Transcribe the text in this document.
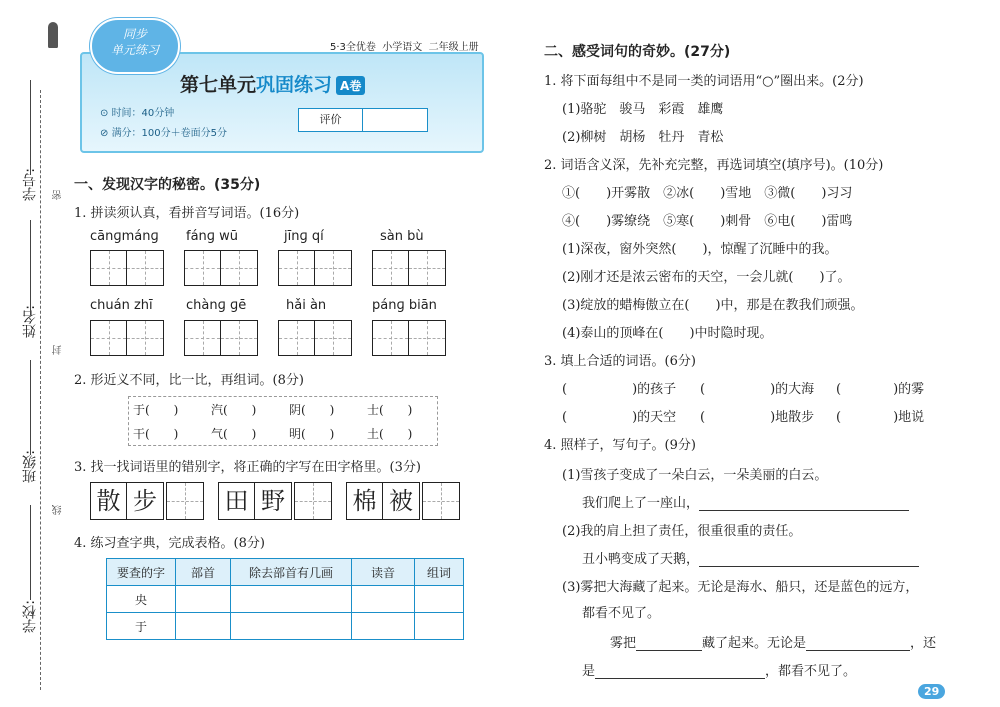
学号:
姓名:
班级:
学校:
密
封
线
同步
单元练习	5·3全优卷 小学语文 二年级上册
第七单元巩固练习 A卷
⊙ 时间：40分钟
⊘ 满分：100分＋卷面分5分
评价
一、发现汉字的秘密。(35分)
1. 拼读须认真，看拼音写词语。(16分)
cānɡmánɡ fánɡ wū	jīnɡ qí	sàn bù
chuán zhī	chànɡ ɡē	hǎi àn	pánɡ biān
2. 形近义不同，比一比，再组词。(8分)
于(　　)	汽(　　)	阴(　　)	士(　　)
干(　　)	气(　　)	明(　　)	土(　　)
3. 找一找词语里的错别字，将正确的字写在田字格里。(3分)
散 步	田 野	棉 被
4. 练习查字典，完成表格。(8分)
要查的字	部首	除去部首有几画	读音	组词
央				
于				
二、感受词句的奇妙。(27分)
1. 将下面每组中不是同一类的词语用“○”圈出来。(2分)
(1)骆驼　骏马　彩霞　雄鹰
(2)柳树　胡杨　牡丹　青松
2. 词语含义深，先补充完整，再选词填空(填序号)。(10分)
①(　　)开雾散　②冰(　　)雪地　③微(　　)习习
④(　　)雾缭绕　⑤寒(　　)刺骨　⑥电(　　)雷鸣
(1)深夜，窗外突然(　　)，惊醒了沉睡中的我。
(2)刚才还是浓云密布的天空，一会儿就(　　)了。
(3)绽放的蜡梅傲立在(　　)中，那是在教我们顽强。
(4)泰山的顶峰在(　　)中时隐时现。
3. 填上合适的词语。(6分)
(　　　　　)的孩子 (　　　　　)的大海 (　　　　)的雾
(　　　　　)的天空 (　　　　　)地散步 (　　　　)地说
4. 照样子，写句子。(9分)
(1)雪孩子变成了一朵白云，一朵美丽的白云。
我们爬上了一座山，
(2)我的肩上担了责任，很重很重的责任。
丑小鸭变成了天鹅，
(3)雾把大海藏了起来。无论是海水、船只，还是蓝色的远方，
都看不见了。
雾把	藏了起来。无论是	，还
是	，都看不见了。
29
